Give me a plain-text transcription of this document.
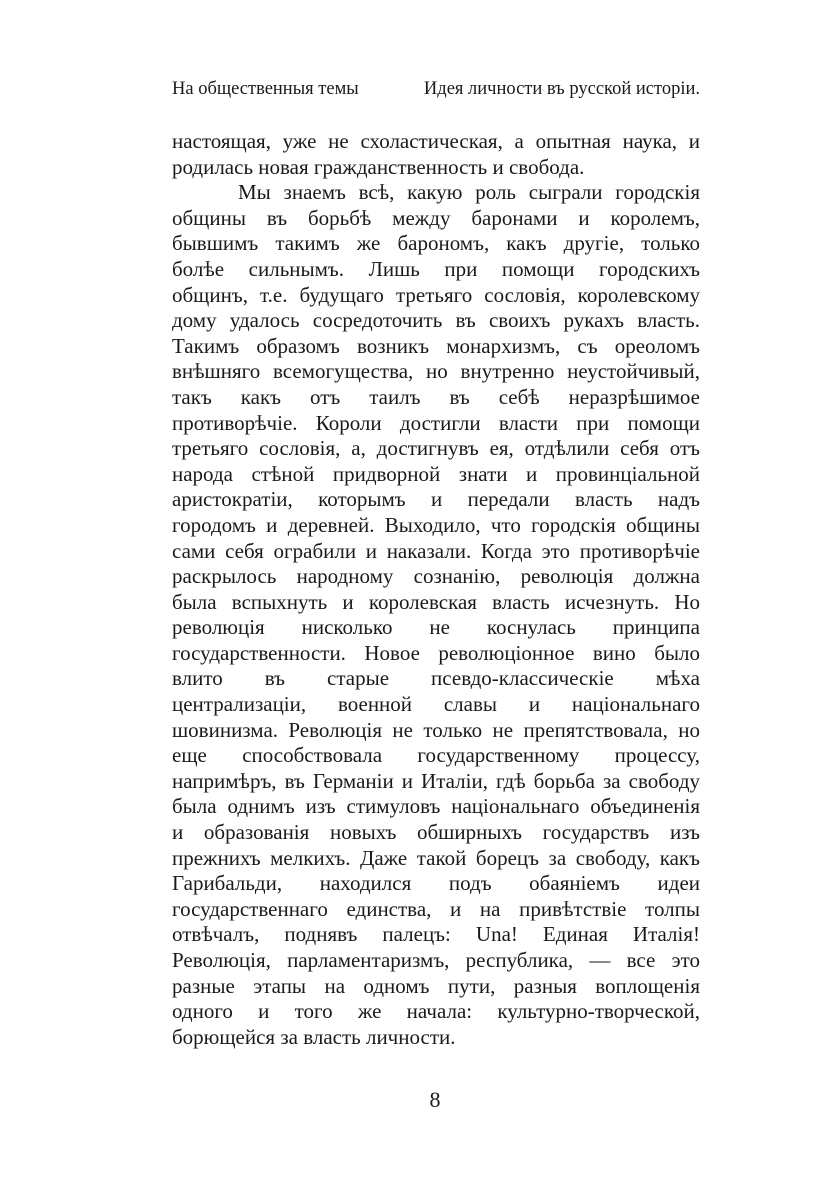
На общественныя темы	Идея личности въ русской исторiи.
настоящая, уже не схоластическая, а опытная наука, и
родилась новая гражданственность и свобода.
Мы знаемъ всѣ, какую роль сыграли городскiя
общины въ борьбѣ между баронами и королемъ,
бывшимъ такимъ же барономъ, какъ другiе, только
болѣе сильнымъ. Лишь при помощи городскихъ
общинъ, т.е. будущаго третьяго сословiя, королевскому
дому удалось сосредоточить въ своихъ рукахъ власть.
Такимъ образомъ возникъ монархизмъ, съ ореоломъ
внѣшняго всемогущества, но внутренно неустойчивый,
такъ какъ отъ таилъ въ себѣ неразрѣшимое
противорѣчiе. Короли достигли власти при помощи
третьяго сословiя, а, достигнувъ ея, отдѣлили себя отъ
народа стѣной придворной знати и провинцiальной
аристократiи, которымъ и передали власть надъ
городомъ и деревней. Выходило, что городскiя общины
сами себя ограбили и наказали. Когда это противорѣчiе
раскрылось народному сознанiю, революцiя должна
была вспыхнуть и королевская власть исчезнуть. Но
революцiя нисколько не коснулась принципа
государственности. Новое революцiонное вино было
влито въ старые псевдо-классическiе мѣха
централизацiи, военной славы и нацiональнаго
шовинизма. Революцiя не только не препятствовала, но
еще способствовала государственному процессу,
напримѣръ, въ Германiи и Италiи, гдѣ борьба за свободу
была однимъ изъ стимуловъ нацiональнаго объединенiя
и образованiя новыхъ обширныхъ государствъ изъ
прежнихъ мелкихъ. Даже такой борецъ за свободу, какъ
Гарибальди, находился подъ обаянiемъ идеи
государственнаго единства, и на привѣтствiе толпы
отвѣчалъ, поднявъ палецъ: Una! Единая Италiя!
Революцiя, парламентаризмъ, республика, — все это
разные этапы на одномъ пути, разныя воплощенiя
одного и того же начала: культурно-творческой,
борющейся за власть личности.
8
